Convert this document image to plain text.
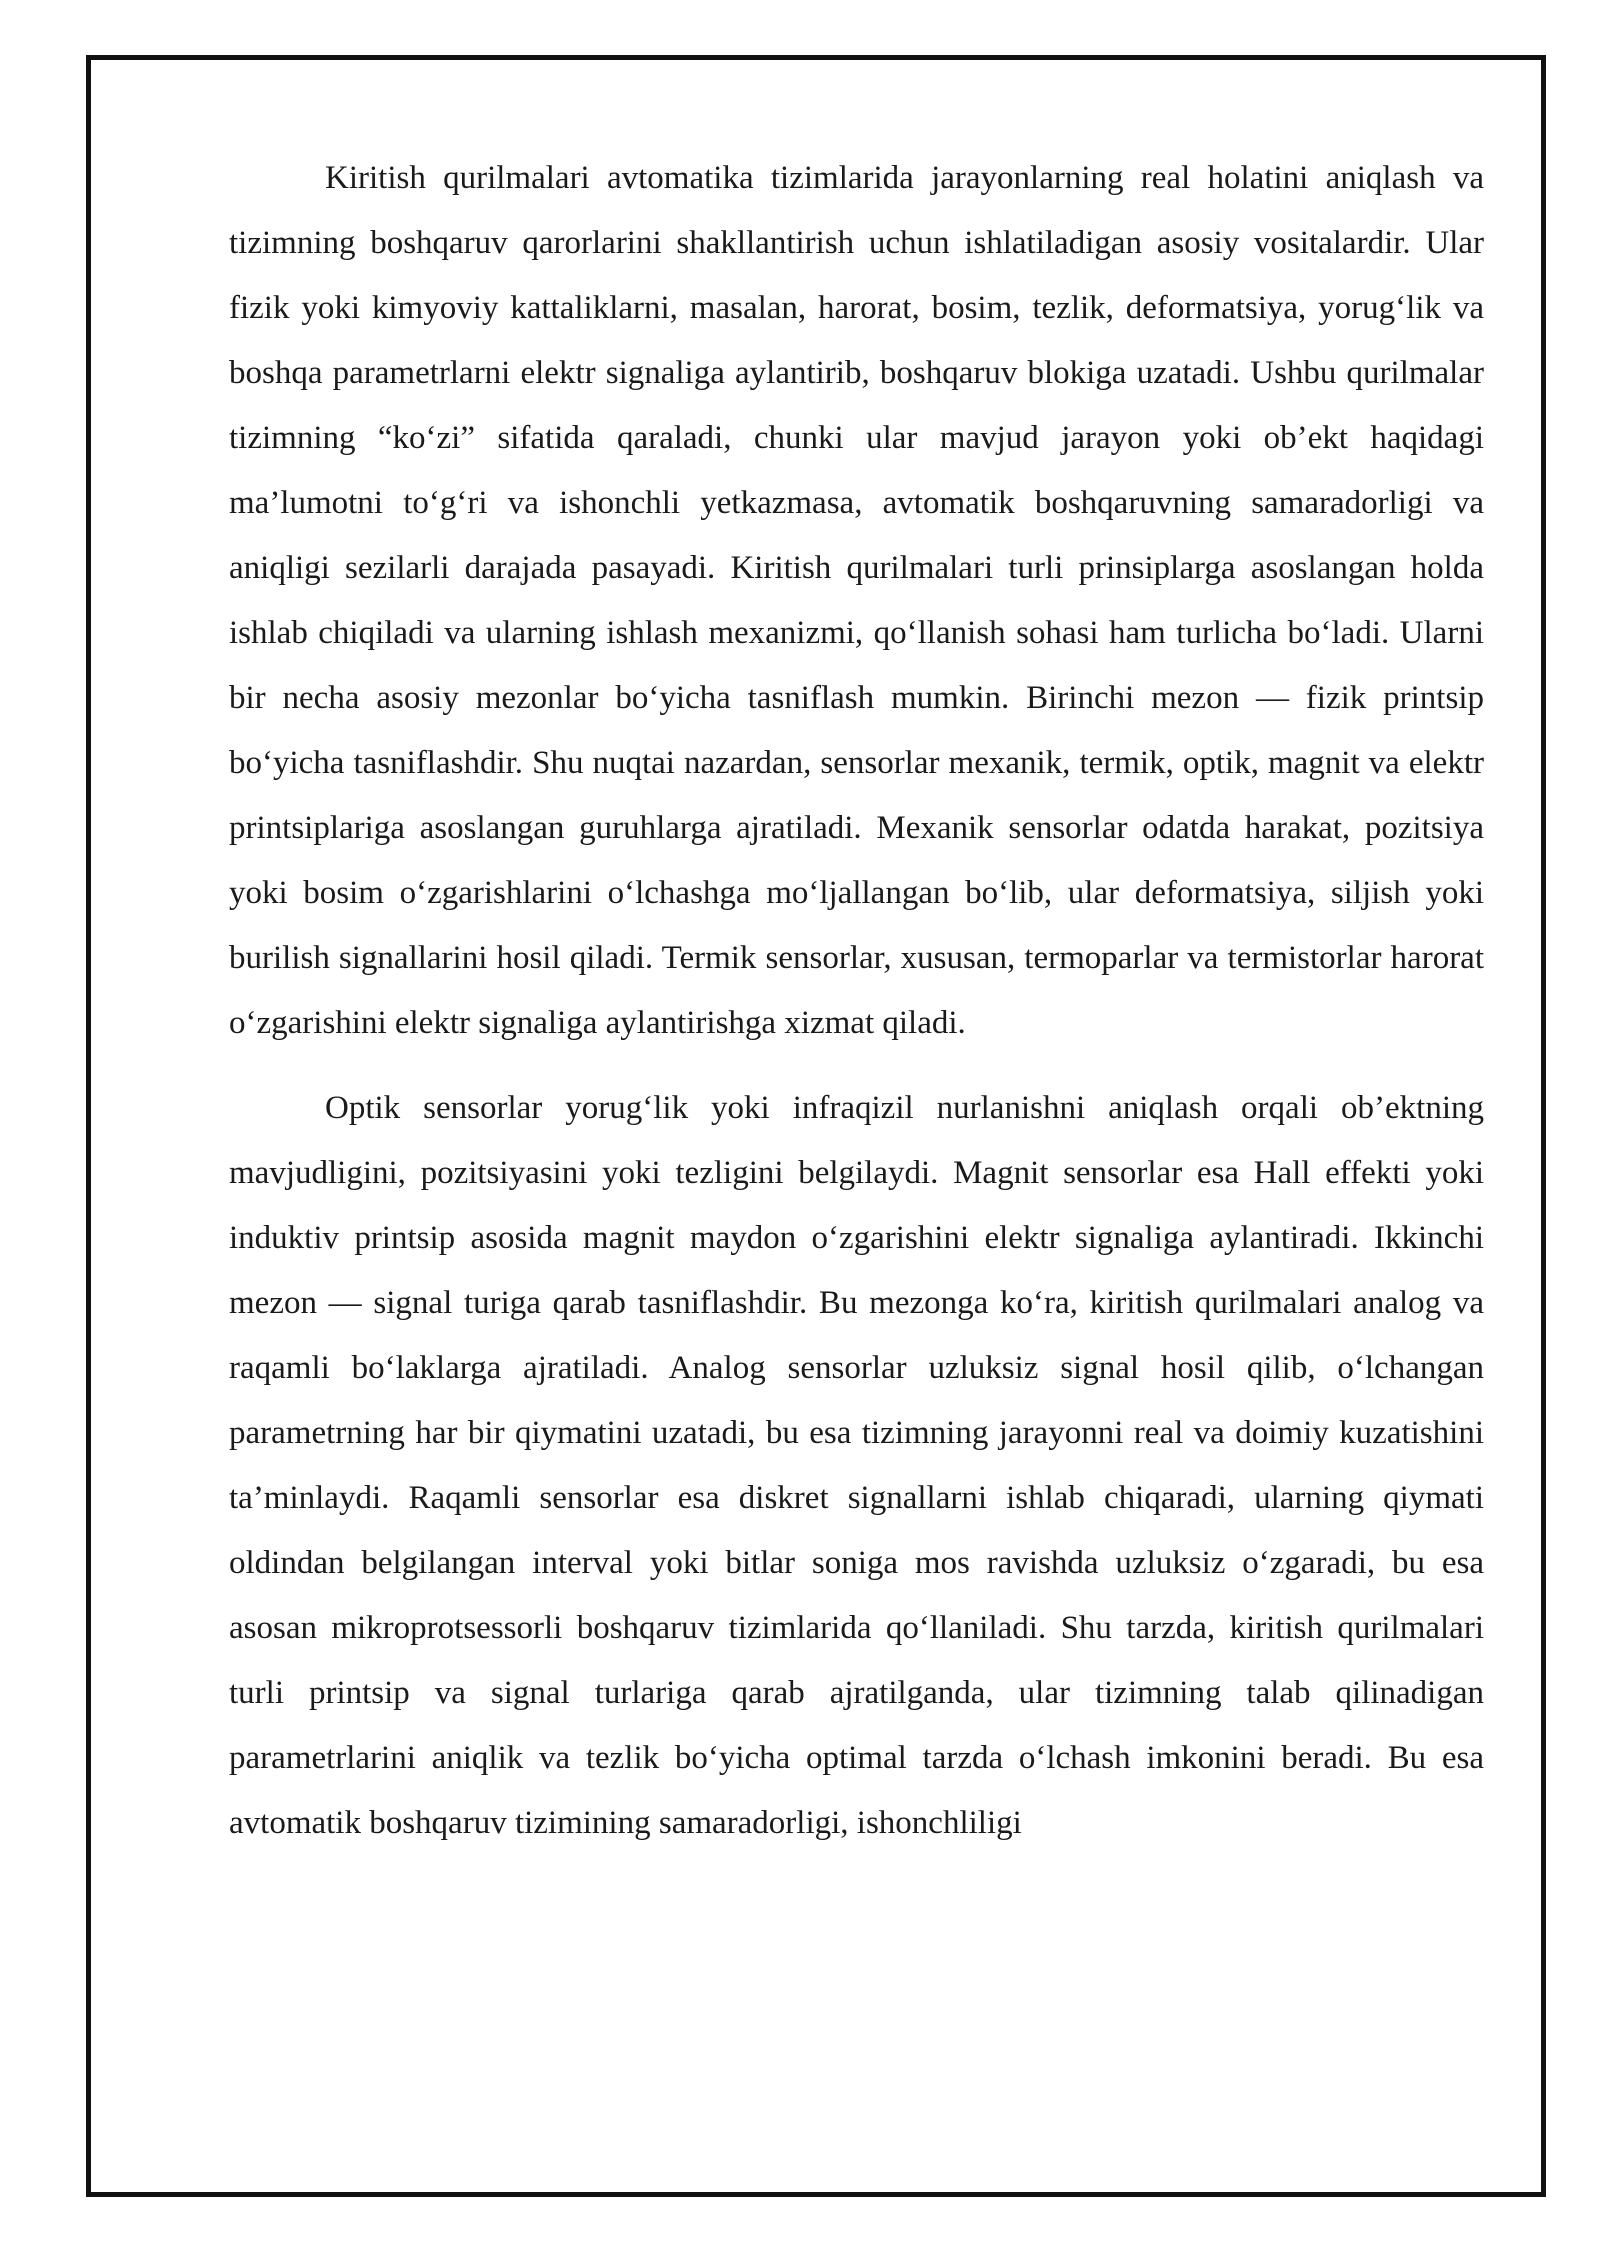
Kiritish qurilmalari avtomatika tizimlarida jarayonlarning real holatini aniqlash va tizimning boshqaruv qarorlarini shakllantirish uchun ishlatiladigan asosiy vositalardir. Ular fizik yoki kimyoviy kattaliklarni, masalan, harorat, bosim, tezlik, deformatsiya, yorug‘lik va boshqa parametrlarni elektr signaliga aylantirib, boshqaruv blokiga uzatadi. Ushbu qurilmalar tizimning “ko‘zi” sifatida qaraladi, chunki ular mavjud jarayon yoki ob’ekt haqidagi ma’lumotni to‘g‘ri va ishonchli yetkazmasa, avtomatik boshqaruvning samaradorligi va aniqligi sezilarli darajada pasayadi. Kiritish qurilmalari turli prinsiplarga asoslangan holda ishlab chiqiladi va ularning ishlash mexanizmi, qo‘llanish sohasi ham turlicha bo‘ladi. Ularni bir necha asosiy mezonlar bo‘yicha tasniflash mumkin. Birinchi mezon — fizik printsip bo‘yicha tasniflashdir. Shu nuqtai nazardan, sensorlar mexanik, termik, optik, magnit va elektr printsiplariga asoslangan guruhlarga ajratiladi. Mexanik sensorlar odatda harakat, pozitsiya yoki bosim o‘zgarishlarini o‘lchashga mo‘ljallangan bo‘lib, ular deformatsiya, siljish yoki burilish signallarini hosil qiladi. Termik sensorlar, xususan, termoparlar va termistorlar harorat o‘zgarishini elektr signaliga aylantirishga xizmat qiladi.

Optik sensorlar yorug‘lik yoki infraqizil nurlanishni aniqlash orqali ob’ektning mavjudligini, pozitsiyasini yoki tezligini belgilaydi. Magnit sensorlar esa Hall effekti yoki induktiv printsip asosida magnit maydon o‘zgarishini elektr signaliga aylantiradi. Ikkinchi mezon — signal turiga qarab tasniflashdir. Bu mezonga ko‘ra, kiritish qurilmalari analog va raqamli bo‘laklarga ajratiladi. Analog sensorlar uzluksiz signal hosil qilib, o‘lchangan parametrning har bir qiymatini uzatadi, bu esa tizimning jarayonni real va doimiy kuzatishini ta’minlaydi. Raqamli sensorlar esa diskret signallarni ishlab chiqaradi, ularning qiymati oldindan belgilangan interval yoki bitlar soniga mos ravishda uzluksiz o‘zgaradi, bu esa asosan mikroprotsessorli boshqaruv tizimlarida qo‘llaniladi. Shu tarzda, kiritish qurilmalari turli printsip va signal turlariga qarab ajratilganda, ular tizimning talab qilinadigan parametrlarini aniqlik va tezlik bo‘yicha optimal tarzda o‘lchash imkonini beradi. Bu esa avtomatik boshqaruv tizimining samaradorligi, ishonchliligi
